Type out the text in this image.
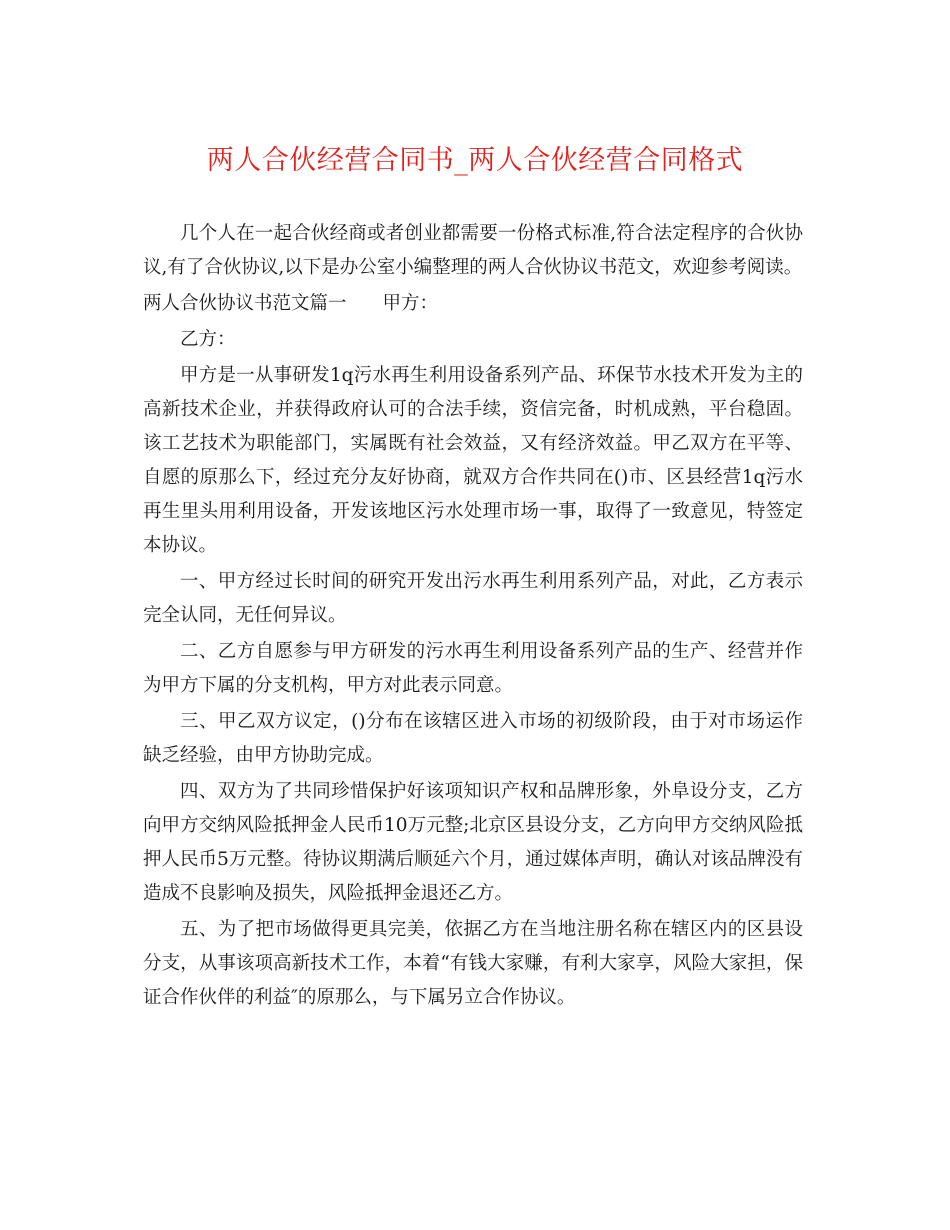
两人合伙经营合同书_两人合伙经营合同格式

几个人在一起合伙经商或者创业都需要一份格式标准,符合法定程序的合伙协议,有了合伙协议,以下是办公室小编整理的两人合伙协议书范文，欢迎参考阅读。

两人合伙协议书范文篇一 甲方：

乙方：

甲方是一从事研发1q污水再生利用设备系列产品、环保节水技术开发为主的高新技术企业，并获得政府认可的合法手续，资信完备，时机成熟，平台稳固。该工艺技术为职能部门，实属既有社会效益，又有经济效益。甲乙双方在平等、自愿的原那么下，经过充分友好协商，就双方合作共同在()市、区县经营1q污水再生里头用利用设备，开发该地区污水处理市场一事，取得了一致意见，特签定本协议。

一、甲方经过长时间的研究开发出污水再生利用系列产品，对此，乙方表示完全认同，无任何异议。

二、乙方自愿参与甲方研发的污水再生利用设备系列产品的生产、经营并作为甲方下属的分支机构，甲方对此表示同意。

三、甲乙双方议定，()分布在该辖区进入市场的初级阶段，由于对市场运作缺乏经验，由甲方协助完成。

四、双方为了共同珍惜保护好该项知识产权和品牌形象，外阜设分支，乙方向甲方交纳风险抵押金人民币10万元整;北京区县设分支，乙方向甲方交纳风险抵押人民币5万元整。待协议期满后顺延六个月，通过媒体声明，确认对该品牌没有造成不良影响及损失，风险抵押金退还乙方。

五、为了把市场做得更具完美，依据乙方在当地注册名称在辖区内的区县设分支，从事该项高新技术工作，本着“有钱大家赚，有利大家享，风险大家担，保证合作伙伴的利益″的原那么，与下属另立合作协议。
